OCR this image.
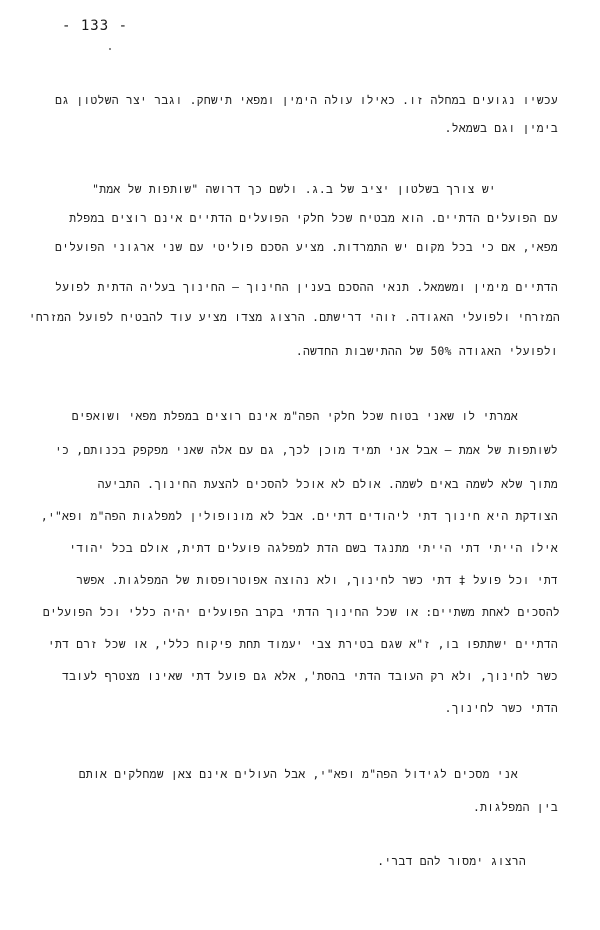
- 133 -
עכשיו נגועים במחלה זו. כאילו עולה הימין ומפאי תישחק. וגבר יצר השלטון גם
בימין וגם בשמאל.
יש צורך בשלטון יציב של ב.ג. ולשם כך דרושה "שותפות של אמת"
עם הפועלים הדתיים. הוא מבטיח שכל חלקי הפועלים הדתיים אינם רוצים במפלת
מפאי, אם כי בכל מקום יש התמרדות. מציע הסכם פוליטי עם שני ארגוני הפועלים
הדתיים מימין ומשמאל. תנאי ההסכם בענין החינוך – החינוך בעליה הדתית לפועל
המזרחי ולפועלי האגודה. זוהי דרישתם. הרצוג מצדו מציע עוד להבטיח לפועל המזרחי
ולפועלי האגודה 50% של ההתישבות החדשה.
אמרתי לו שאני בטוח שכל חלקי הפה"מ אינם רוצים במפלת מפאי ושואפים
לשותפות של אמת – אבל אני תמיד מוכן לכך, גם עם אלה שאני מפקפק בכנותם, כי
מתוך שלא לשמה באים לשמה. אולם לא אוכל להסכים להצעת החינוך. התביעה
הצודקת היא חינוך דתי ליהודים דתיים. אבל לא מונופולין למפלגות הפה"מ ופא"י,
אילו הייתי דתי הייתי מתנגד בשם הדת למפלגה פועלים דתית, אולם בכל יהודי
דתי וכל פועל ‡ דתי כשר לחינוך, ולא נהוצה אפוטרופסות של המפלגות. אפשר
להסכים לאחת משתיים: או שכל החינוך הדתי בקרב הפועלים יהיה כללי וכל הפועלים
הדתיים ישתתפו בו, ז"א שגם בטירת צבי יעמוד תחת פיקוח כללי, או שכל זרם דתי
כשר לחינוך, ולא רק העובד הדתי בהסת', אלא גם פועל דתי שאינו מצטרף לעובד
הדתי כשר לחינוך.
אני מסכים לגידול הפה"מ ופא"י, אבל העולים אינם צאן שמחלקים אותם
בין המפלגות.
הרצוג ימסור להם דברי.
